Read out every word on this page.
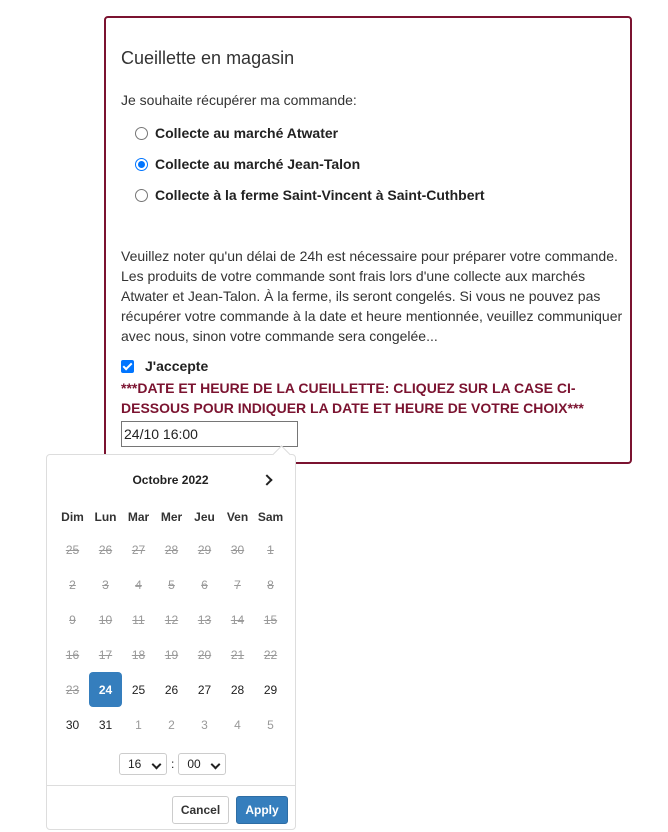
Cueillette en magasin
Je souhaite récupérer ma commande:
Collecte au marché Atwater
Collecte au marché Jean-Talon
Collecte à la ferme Saint-Vincent à Saint-Cuthbert
Veuillez noter qu'un délai de 24h est nécessaire pour préparer votre commande. Les produits de votre commande sont frais lors d'une collecte aux marchés Atwater et Jean-Talon. À la ferme, ils seront congelés. Si vous ne pouvez pas récupérer votre commande à la date et heure mentionnée, veuillez communiquer avec nous, sinon votre commande sera congelée...
J'accepte
***DATE ET HEURE DE LA CUEILLETTE: CLIQUEZ SUR LA CASE CI-DESSOUS POUR INDIQUER LA DATE ET HEURE DE VOTRE CHOIX***
24/10 16:00
Octobre 2022
Dim Lun Mar Mer Jeu Ven Sam
25	26	27	28	29	30	1
2	3	4	5	6	7	8
9	10	11	12	13	14	15
16	17	18	19	20	21	22
23	24	25	26	27	28	29
30	31	1	2	3	4	5
16 : 00
Cancel	Apply
